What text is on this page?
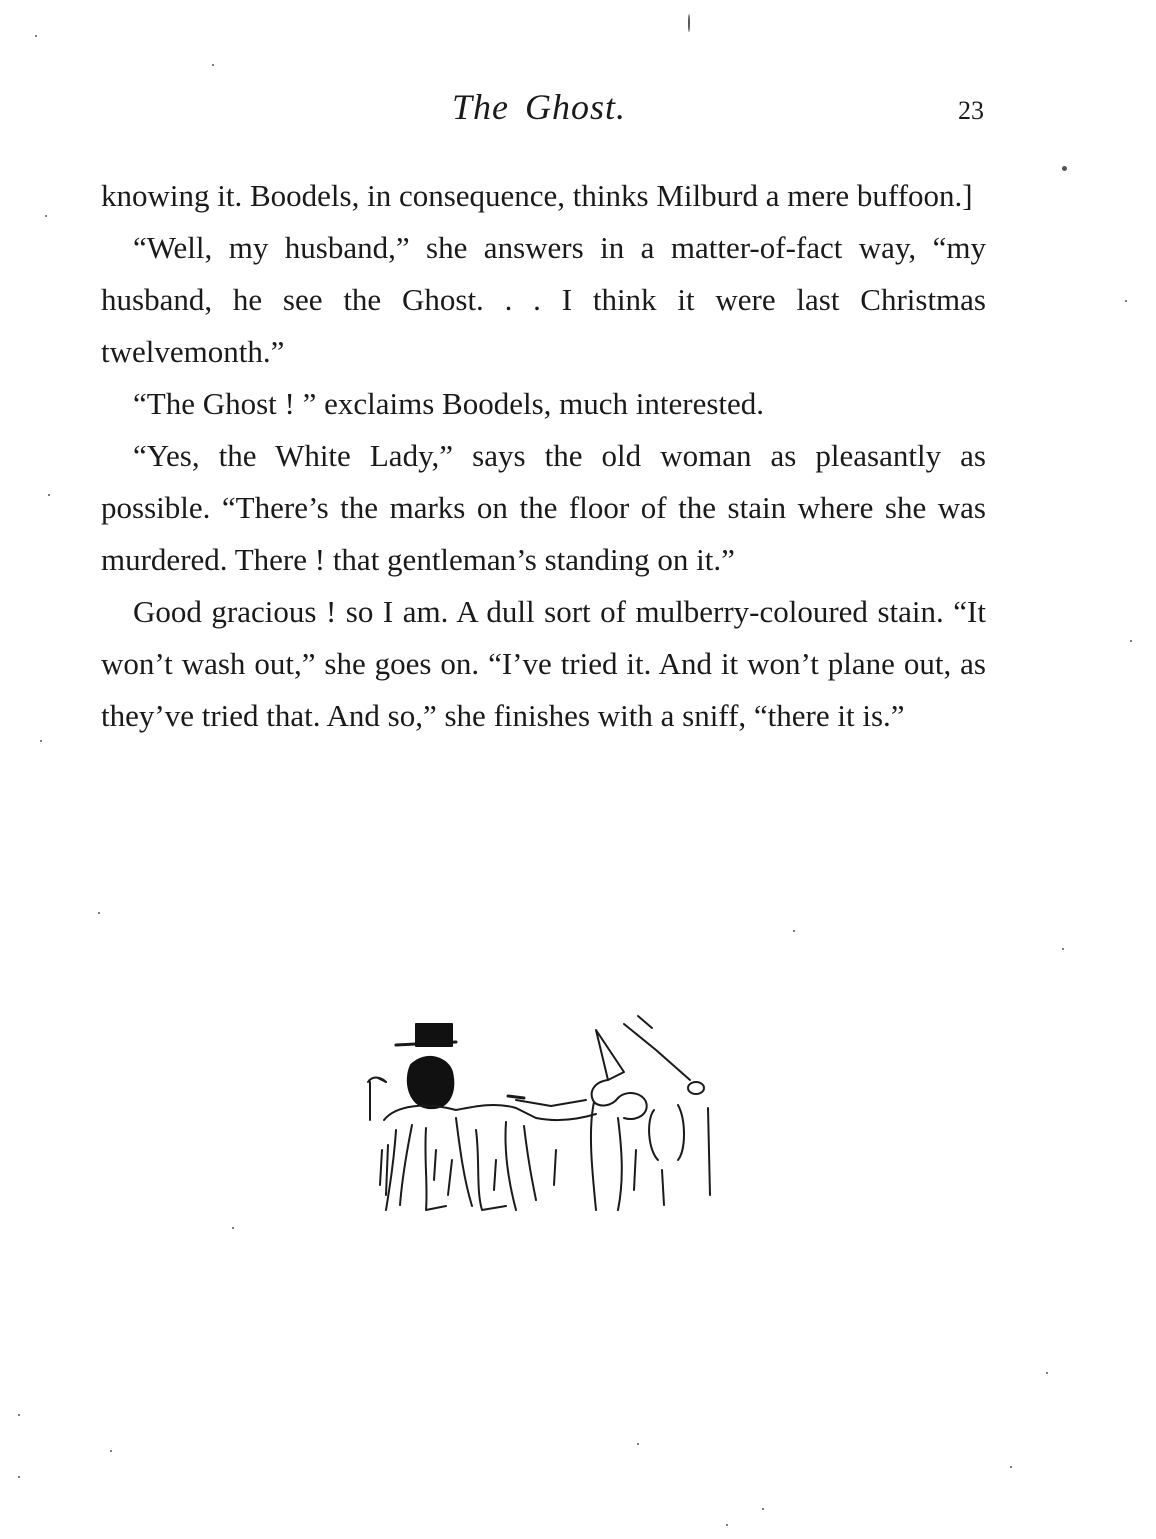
The Ghost.	23

knowing it. Boodels, in consequence, thinks Milburd a mere buffoon.]

“Well, my husband,” she answers in a matter-of-fact way, “my husband, he see the Ghost. . . I think it were last Christmas twelvemonth.”

“The Ghost ! ” exclaims Boodels, much interested.

“Yes, the White Lady,” says the old woman as pleasantly as possible. “There’s the marks on the floor of the stain where she was murdered. There ! that gentleman’s standing on it.”

Good gracious ! so I am. A dull sort of mulberry-coloured stain. “It won’t wash out,” she goes on. “I’ve tried it. And it won’t plane out, as they’ve tried that. And so,” she finishes with a sniff, “there it is.”
